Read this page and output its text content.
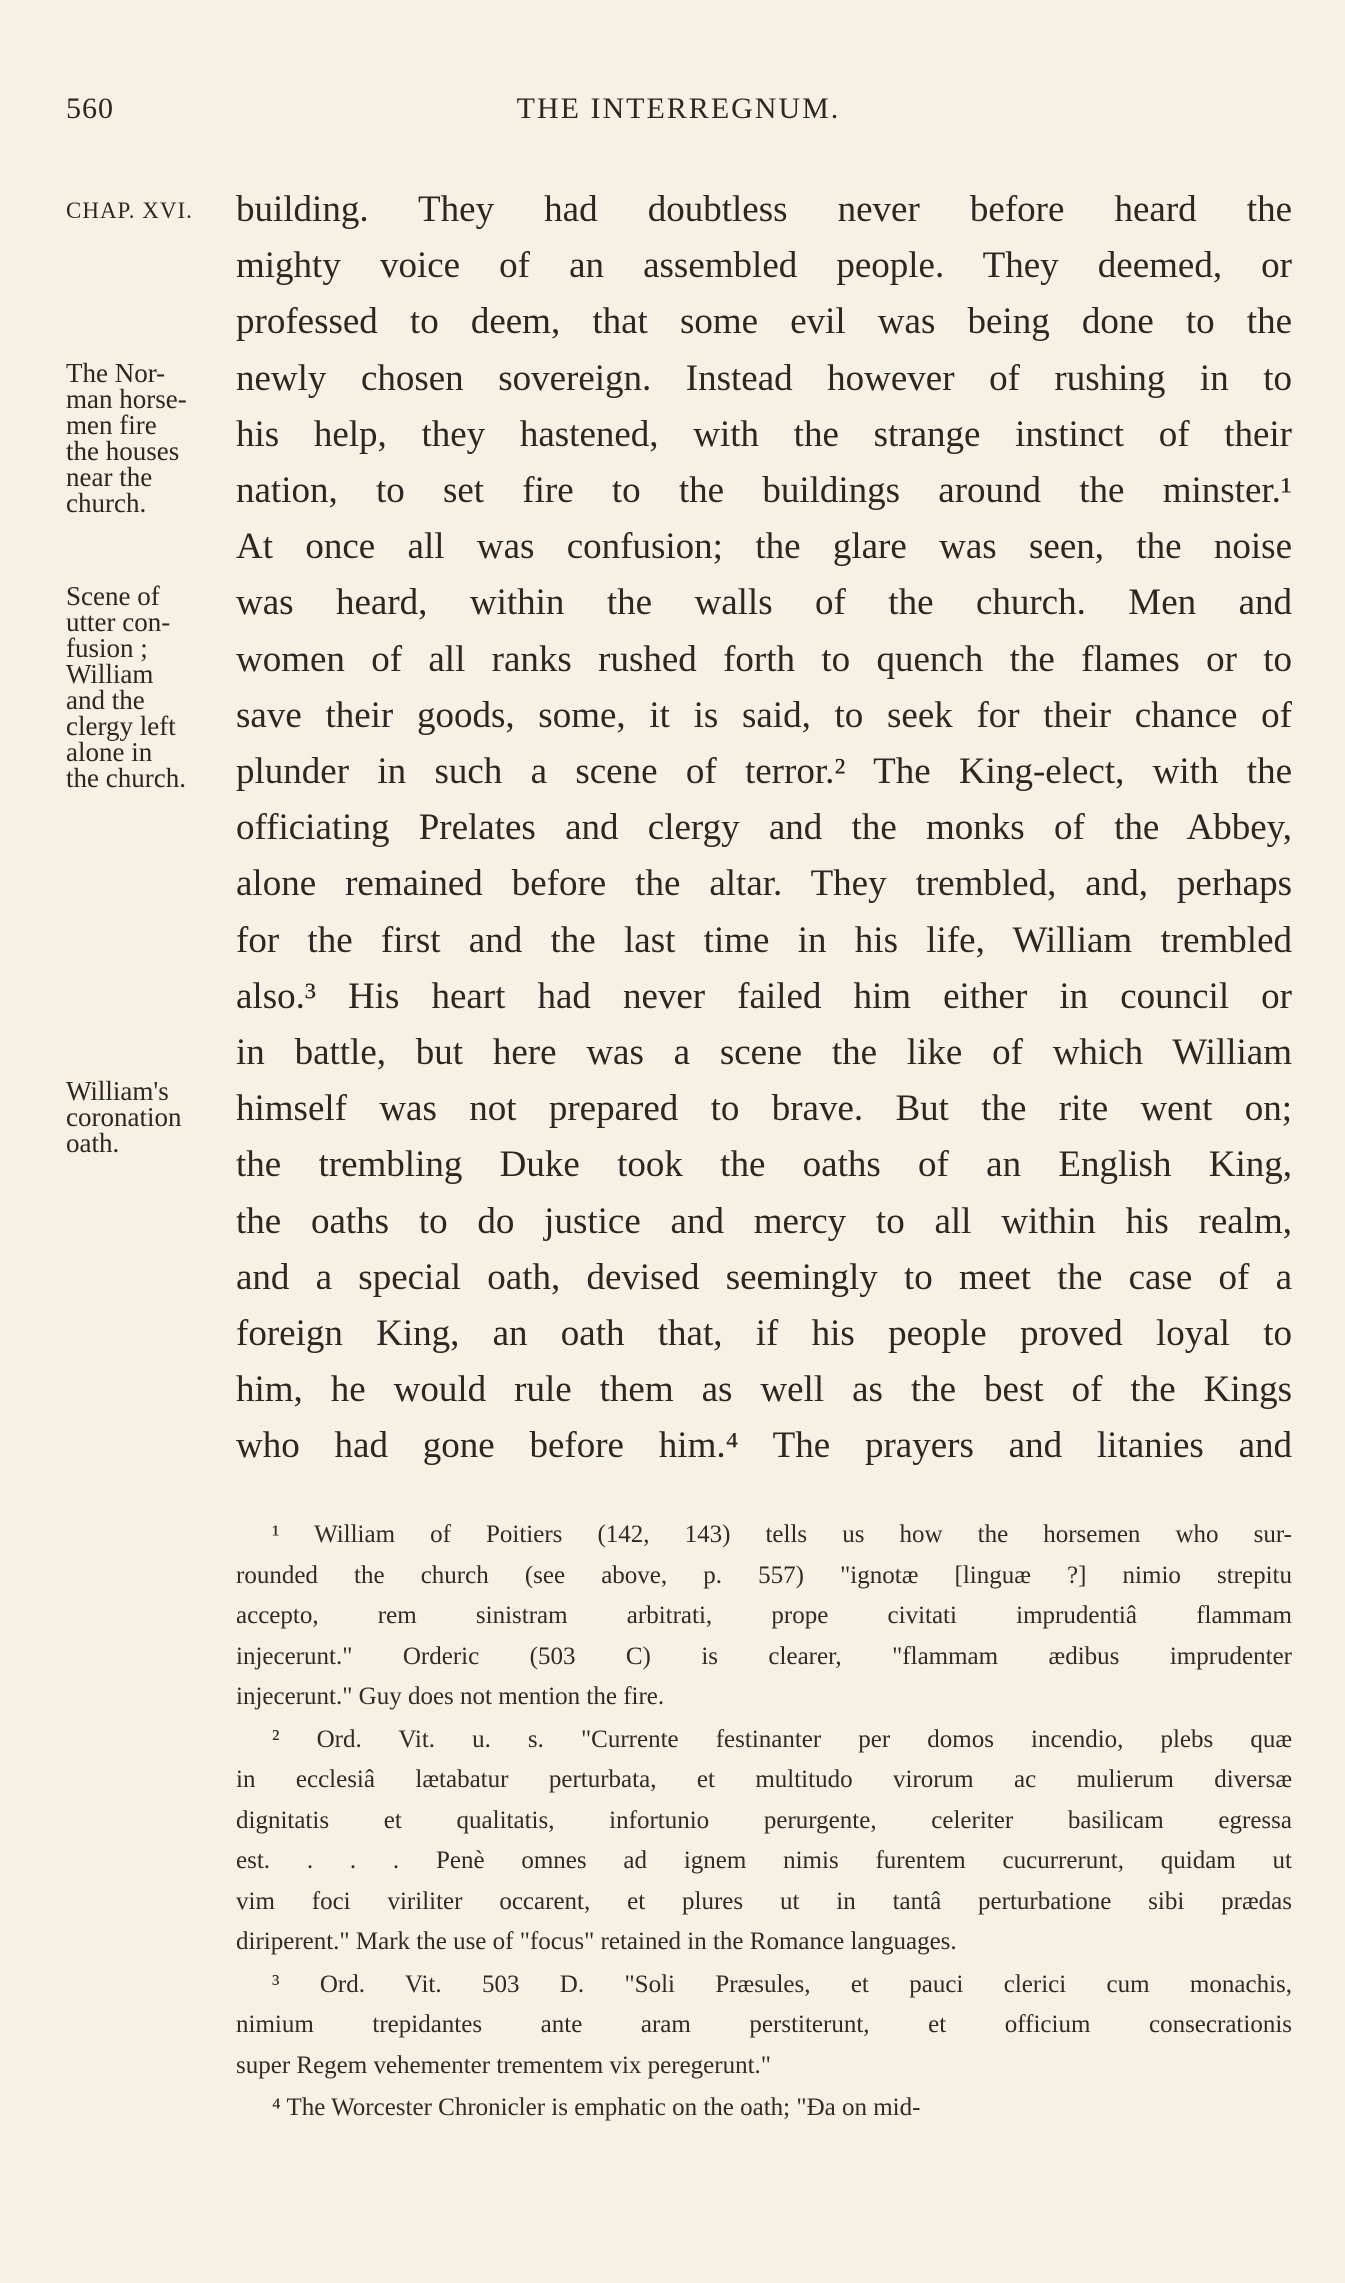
560	THE INTERREGNUM.
CHAP. XVI.
The Nor-
man horse-
men fire
the houses
near the
church.
Scene of
utter con-
fusion ;
William
and the
clergy left
alone in
the church.
William's
coronation
oath.
building. They had doubtless never before heard the
mighty voice of an assembled people. They deemed, or
professed to deem, that some evil was being done to the
newly chosen sovereign. Instead however of rushing in to
his help, they hastened, with the strange instinct of their
nation, to set fire to the buildings around the minster.¹
At once all was confusion; the glare was seen, the noise
was heard, within the walls of the church. Men and
women of all ranks rushed forth to quench the flames or to
save their goods, some, it is said, to seek for their chance of
plunder in such a scene of terror.² The King-elect, with the
officiating Prelates and clergy and the monks of the Abbey,
alone remained before the altar. They trembled, and, perhaps
for the first and the last time in his life, William trembled
also.³ His heart had never failed him either in council or
in battle, but here was a scene the like of which William
himself was not prepared to brave. But the rite went on;
the trembling Duke took the oaths of an English King,
the oaths to do justice and mercy to all within his realm,
and a special oath, devised seemingly to meet the case of a
foreign King, an oath that, if his people proved loyal to
him, he would rule them as well as the best of the Kings
who had gone before him.⁴ The prayers and litanies and
¹ William of Poitiers (142, 143) tells us how the horsemen who sur-
rounded the church (see above, p. 557) "ignotæ [linguæ ?] nimio strepitu
accepto, rem sinistram arbitrati, prope civitati imprudentiâ flammam
injecerunt." Orderic (503 C) is clearer, "flammam ædibus imprudenter
injecerunt." Guy does not mention the fire.
² Ord. Vit. u. s. "Currente festinanter per domos incendio, plebs quæ
in ecclesiâ lætabatur perturbata, et multitudo virorum ac mulierum diversæ
dignitatis et qualitatis, infortunio perurgente, celeriter basilicam egressa
est. . . . Penè omnes ad ignem nimis furentem cucurrerunt, quidam ut
vim foci viriliter occarent, et plures ut in tantâ perturbatione sibi prædas
diriperent." Mark the use of "focus" retained in the Romance languages.
³ Ord. Vit. 503 D. "Soli Præsules, et pauci clerici cum monachis,
nimium trepidantes ante aram perstiterunt, et officium consecrationis
super Regem vehementer trementem vix peregerunt."
⁴ The Worcester Chronicler is emphatic on the oath; "Ða on mid-
